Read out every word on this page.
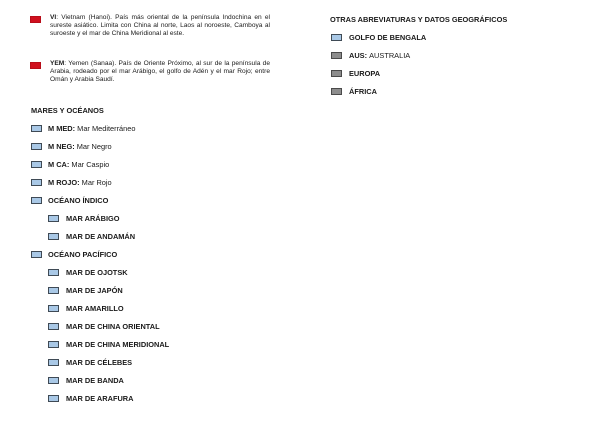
VI: Vietnam (Hanoi). País más oriental de la península Indochina en el sureste asiático. Limita con China al norte, Laos al noroeste, Camboya al suroeste y el mar de China Meridional al este.
YEM: Yemen (Sanaa). País de Oriente Próximo, al sur de la península de Arabia, rodeado por el mar Arábigo, el golfo de Adén y el mar Rojo; entre Omán y Arabia Saudí.
MARES Y OCÉANOS
M MED: Mar Mediterráneo
M NEG: Mar Negro
M CA: Mar Caspio
M ROJO: Mar Rojo
OCÉANO ÍNDICO
MAR ARÁBIGO
MAR DE ANDAMÁN
OCÉANO PACÍFICO
MAR DE OJOTSK
MAR DE JAPÓN
MAR AMARILLO
MAR DE CHINA ORIENTAL
MAR DE CHINA MERIDIONAL
MAR DE CÉLEBES
MAR DE BANDA
MAR DE ARAFURA
OTRAS ABREVIATURAS Y DATOS GEOGRÁFICOS
GOLFO DE BENGALA
AUS: AUSTRALIA
EUROPA
ÁFRICA
